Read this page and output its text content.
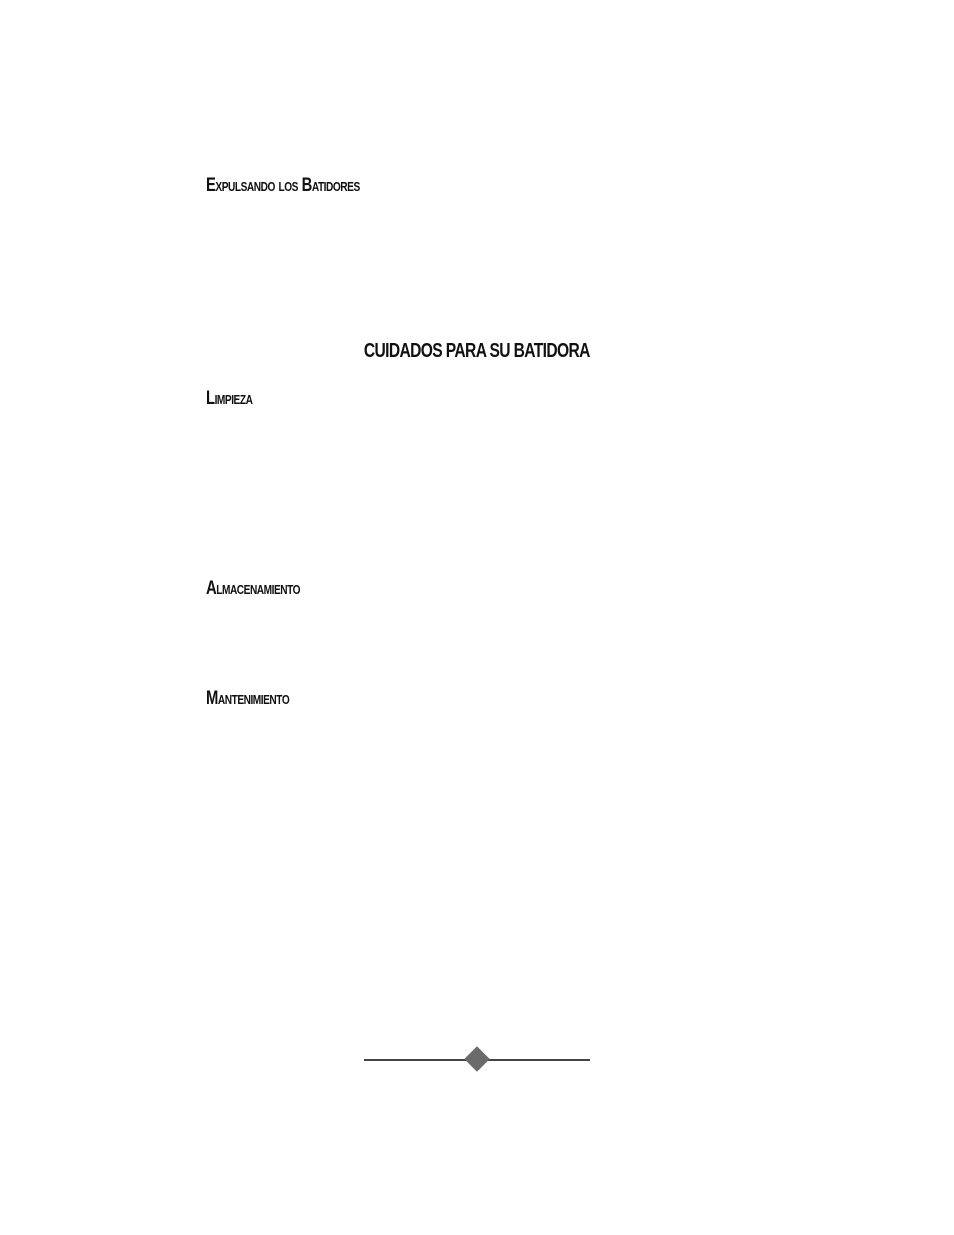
Expulsando los Batidores
CUIDADOS PARA SU BATIDORA
Limpieza
Almacenamiento
Mantenimiento
